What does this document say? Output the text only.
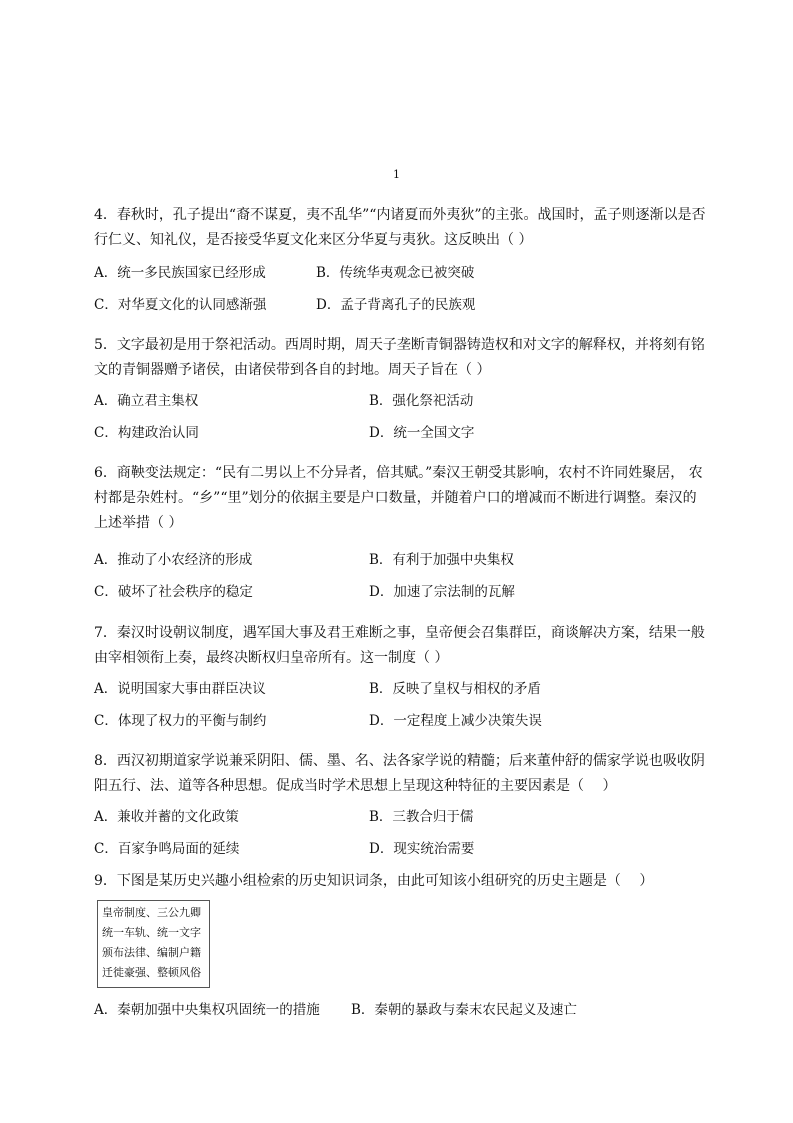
1
4．春秋时，孔子提出“裔不谋夏，夷不乱华”“内诸夏而外夷狄”的主张。战国时，孟子则逐渐以是否行仁义、知礼仪，是否接受华夏文化来区分华夏与夷狄。这反映出（ ）
A．统一多民族国家已经形成	B．传统华夷观念已被突破
C．对华夏文化的认同感渐强	D．孟子背离孔子的民族观
5．文字最初是用于祭祀活动。西周时期，周天子垄断青铜器铸造权和对文字的解释权，并将刻有铭文的青铜器赠予诸侯，由诸侯带到各自的封地。周天子旨在（ ）
A．确立君主集权	B．强化祭祀活动
C．构建政治认同	D．统一全国文字
6．商鞅变法规定：“民有二男以上不分异者，倍其赋。”秦汉王朝受其影响，农村不许同姓聚居， 农村都是杂姓村。“乡”“里”划分的依据主要是户口数量，并随着户口的增减而不断进行调整。秦汉的上述举措（ ）
A．推动了小农经济的形成	B．有利于加强中央集权
C．破坏了社会秩序的稳定	D．加速了宗法制的瓦解
7．秦汉时设朝议制度，遇军国大事及君王难断之事，皇帝便会召集群臣，商谈解决方案，结果一般由宰相领衔上奏，最终决断权归皇帝所有。这一制度（ ）
A．说明国家大事由群臣决议	B．反映了皇权与相权的矛盾
C．体现了权力的平衡与制约	D．一定程度上减少决策失误
8．西汉初期道家学说兼采阴阳、儒、墨、名、法各家学说的精髓；后来董仲舒的儒家学说也吸收阴阳五行、法、道等各种思想。促成当时学术思想上呈现这种特征的主要因素是（　 ）
A．兼收并蓄的文化政策	B．三教合归于儒
C．百家争鸣局面的延续	D．现实统治需要
9．下图是某历史兴趣小组检索的历史知识词条，由此可知该小组研究的历史主题是（　 ）
皇帝制度、三公九卿
统一车轨、统一文字
颁布法律、编制户籍
迁徙豪强、整顿风俗
A．秦朝加强中央集权巩固统一的措施 B．秦朝的暴政与秦末农民起义及速亡
